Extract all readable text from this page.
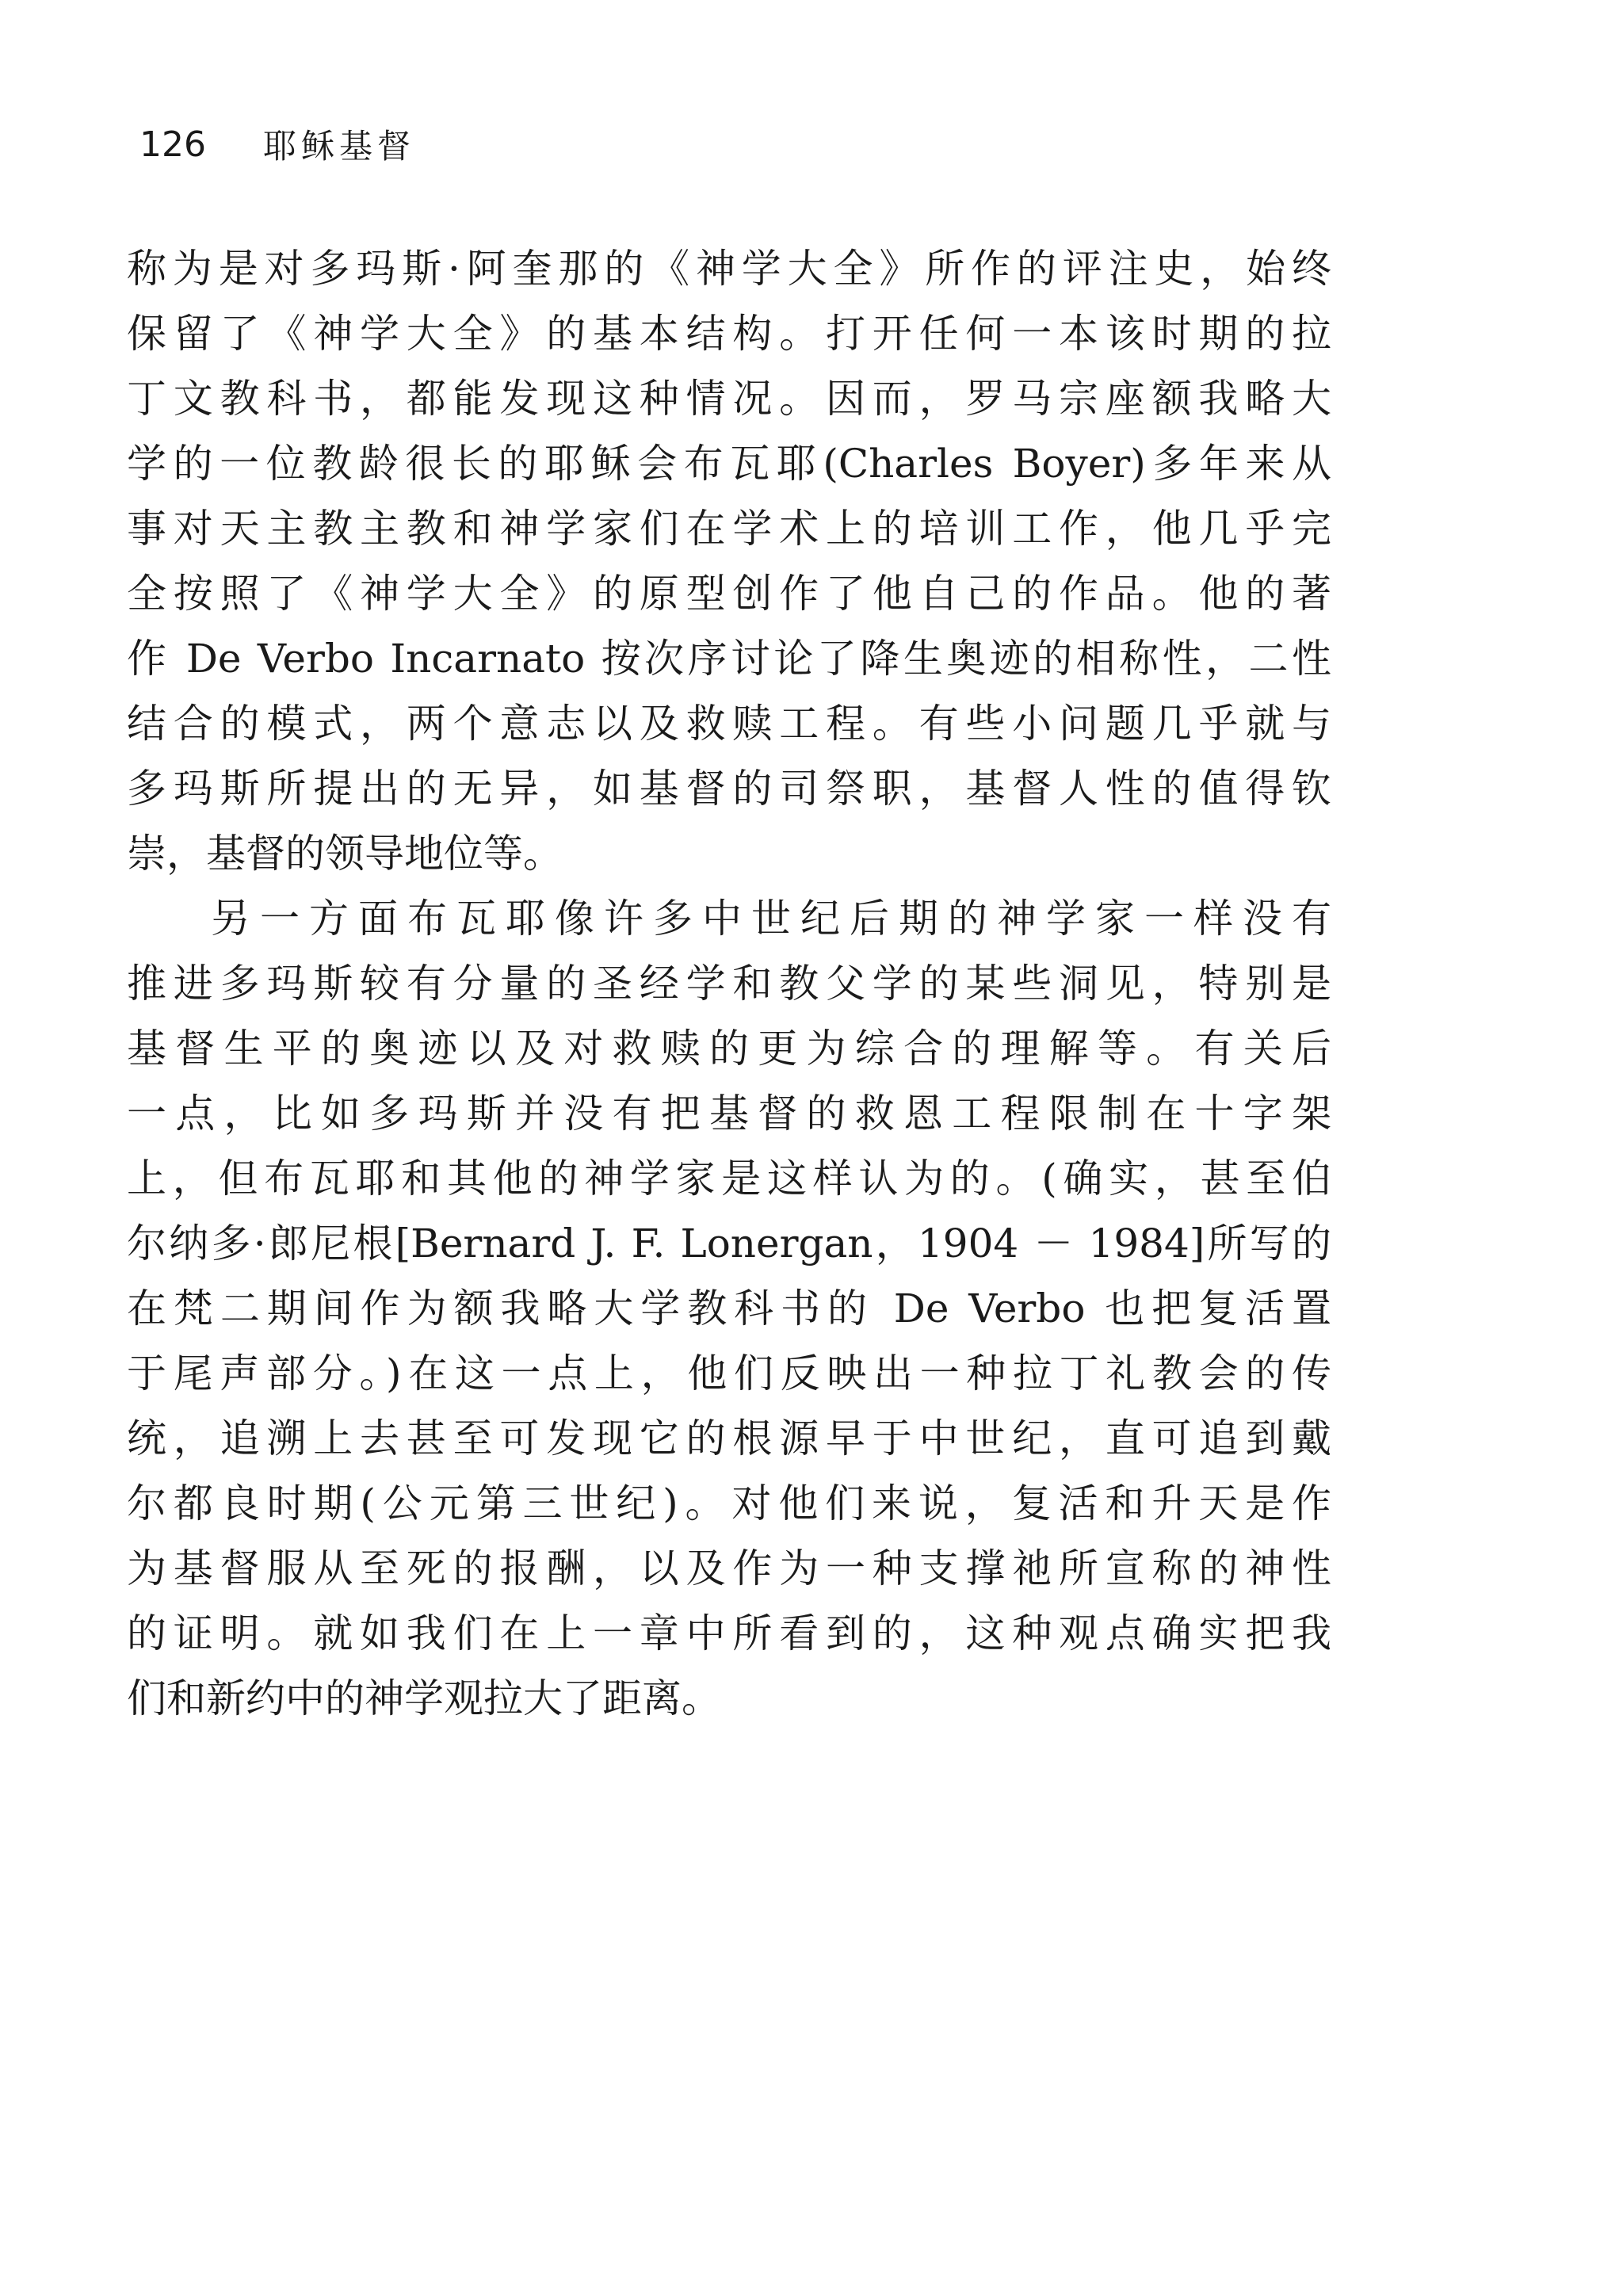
126 耶稣基督
称为是对多玛斯·阿奎那的《神学大全》所作的评注史，始终
保留了《神学大全》的基本结构。打开任何一本该时期的拉
丁文教科书，都能发现这种情况。因而，罗马宗座额我略大
学的一位教龄很长的耶稣会布瓦耶(Charles Boyer)多年来从
事对天主教主教和神学家们在学术上的培训工作，他几乎完
全按照了《神学大全》的原型创作了他自己的作品。他的著
作 De Verbo Incarnato 按次序讨论了降生奥迹的相称性，二性
结合的模式，两个意志以及救赎工程。有些小问题几乎就与
多玛斯所提出的无异，如基督的司祭职，基督人性的值得钦
崇，基督的领导地位等。
另一方面布瓦耶像许多中世纪后期的神学家一样没有
推进多玛斯较有分量的圣经学和教父学的某些洞见，特别是
基督生平的奥迹以及对救赎的更为综合的理解等。有关后
一点，比如多玛斯并没有把基督的救恩工程限制在十字架
上，但布瓦耶和其他的神学家是这样认为的。(确实，甚至伯
尔纳多·郎尼根[Bernard J. F. Lonergan，1904 － 1984]所写的
在梵二期间作为额我略大学教科书的 De Verbo 也把复活置
于尾声部分。)在这一点上，他们反映出一种拉丁礼教会的传
统，追溯上去甚至可发现它的根源早于中世纪，直可追到戴
尔都良时期(公元第三世纪)。对他们来说，复活和升天是作
为基督服从至死的报酬，以及作为一种支撑祂所宣称的神性
的证明。就如我们在上一章中所看到的，这种观点确实把我
们和新约中的神学观拉大了距离。
